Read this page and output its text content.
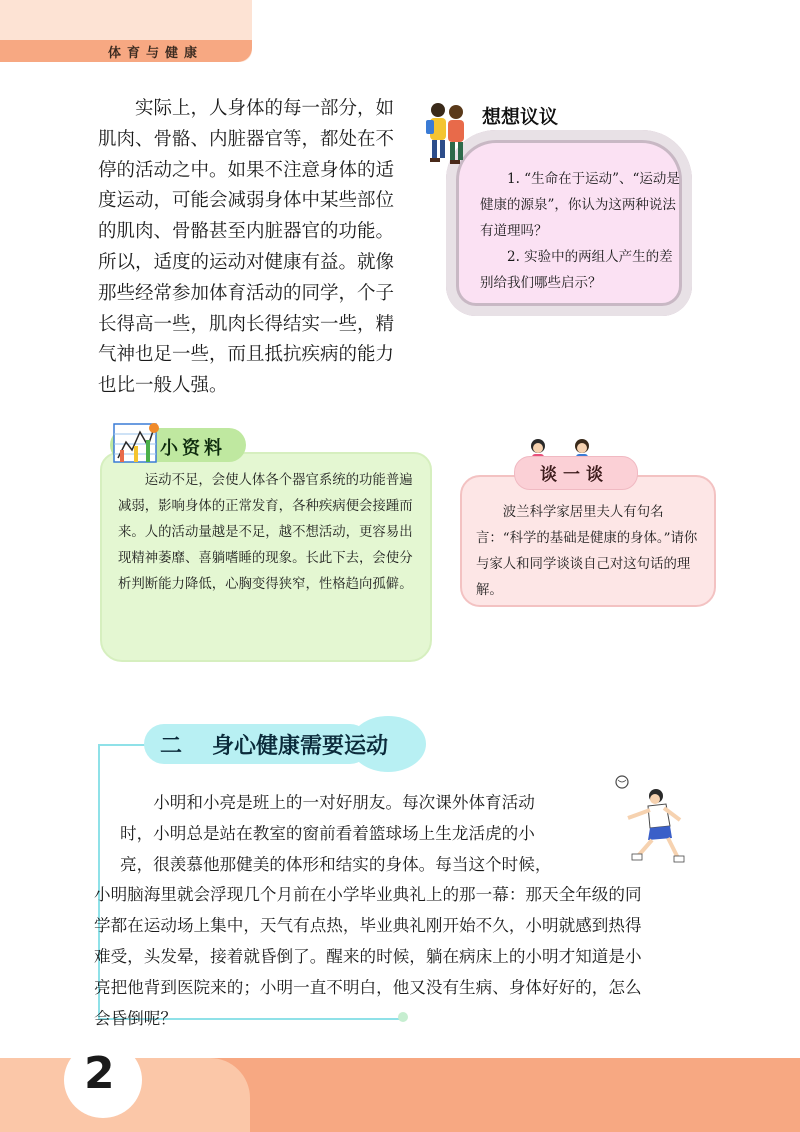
体育与健康

实际上，人身体的每一部分，如肌肉、骨骼、内脏器官等，都处在不停的活动之中。如果不注意身体的适度运动，可能会减弱身体中某些部位的肌肉、骨骼甚至内脏器官的功能。所以，适度的运动对健康有益。就像那些经常参加体育活动的同学，个子长得高一些，肌肉长得结实一些，精气神也足一些，而且抵抗疾病的能力也比一般人强。

想想议议

1. “生命在于运动”、“运动是健康的源泉”，你认为这两种说法有道理吗？

2. 实验中的两组人产生的差别给我们哪些启示？

小资料

运动不足，会使人体各个器官系统的功能普遍减弱，影响身体的正常发育，各种疾病便会接踵而来。人的活动量越是不足，越不想活动，更容易出现精神萎靡、喜躺嗜睡的现象。长此下去，会使分析判断能力降低，心胸变得狭窄，性格趋向孤僻。

谈一谈

波兰科学家居里夫人有句名言：“科学的基础是健康的身体。”请你与家人和同学谈谈自己对这句话的理解。

二 身心健康需要运动
小明和小亮是班上的一对好朋友。每次课外体育活动
时，小明总是站在教室的窗前看着篮球场上生龙活虎的小
亮，很羡慕他那健美的体形和结实的身体。每当这个时候，
小明脑海里就会浮现几个月前在小学毕业典礼上的那一幕：那天全年级的同
学都在运动场上集中，天气有点热，毕业典礼刚开始不久，小明就感到热得
难受，头发晕，接着就昏倒了。醒来的时候，躺在病床上的小明才知道是小
亮把他背到医院来的；小明一直不明白，他又没有生病、身体好好的，怎么
会昏倒呢？
2
